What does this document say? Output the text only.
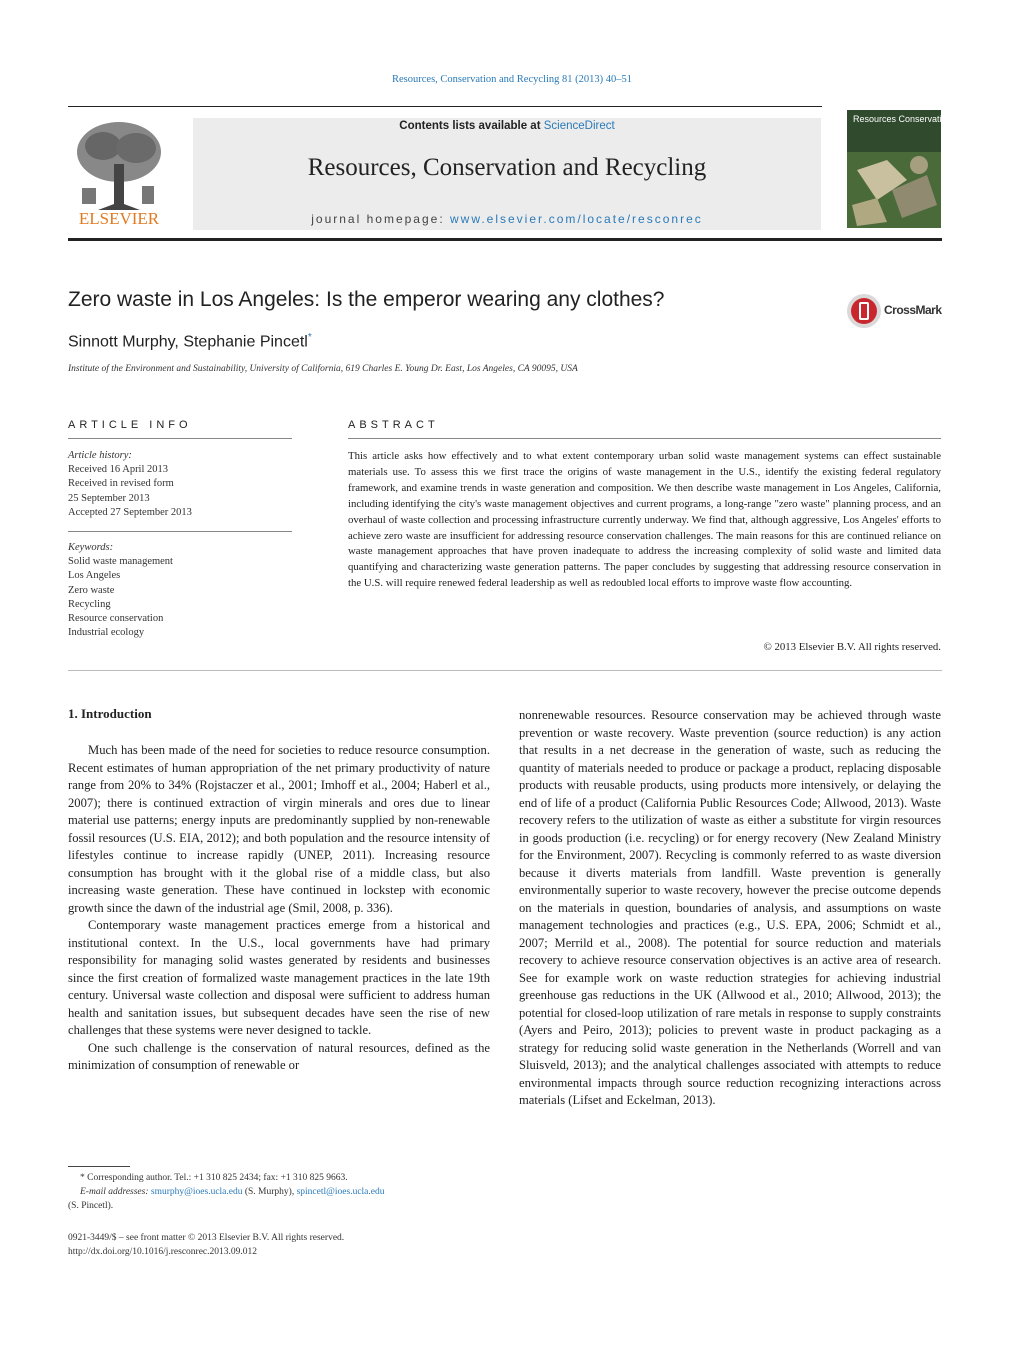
Resources, Conservation and Recycling 81 (2013) 40–51
ELSEVIER
Contents lists available at ScienceDirect
Resources, Conservation and Recycling
journal homepage: www.elsevier.com/locate/resconrec
Resources Conservation & Recycling
Zero waste in Los Angeles: Is the emperor wearing any clothes?	CrossMark
Sinnott Murphy, Stephanie Pincetl*
Institute of the Environment and Sustainability, University of California, 619 Charles E. Young Dr. East, Los Angeles, CA 90095, USA
ARTICLE INFO
Article history:
Received 16 April 2013
Received in revised form
25 September 2013
Accepted 27 September 2013
Keywords:
Solid waste management
Los Angeles
Zero waste
Recycling
Resource conservation
Industrial ecology
ABSTRACT
This article asks how effectively and to what extent contemporary urban solid waste management systems can effect sustainable materials use. To assess this we first trace the origins of waste management in the U.S., identify the existing federal regulatory framework, and examine trends in waste generation and composition. We then describe waste management in Los Angeles, California, including identifying the city's waste management objectives and current programs, a long-range "zero waste" planning process, and an overhaul of waste collection and processing infrastructure currently underway. We find that, although aggressive, Los Angeles' efforts to achieve zero waste are insufficient for addressing resource conservation challenges. The main reasons for this are continued reliance on waste management approaches that have proven inadequate to address the increasing complexity of solid waste and limited data quantifying and characterizing waste generation patterns. The paper concludes by suggesting that addressing resource conservation in the U.S. will require renewed federal leadership as well as redoubled local efforts to improve waste flow accounting.
© 2013 Elsevier B.V. All rights reserved.
1. Introduction

Much has been made of the need for societies to reduce resource consumption. Recent estimates of human appropriation of the net primary productivity of nature range from 20% to 34% (Rojstaczer et al., 2001; Imhoff et al., 2004; Haberl et al., 2007); there is continued extraction of virgin minerals and ores due to linear material use patterns; energy inputs are predominantly supplied by non-renewable fossil resources (U.S. EIA, 2012); and both population and the resource intensity of lifestyles continue to increase rapidly (UNEP, 2011). Increasing resource consumption has brought with it the global rise of a middle class, but also increasing waste generation. These have continued in lockstep with economic growth since the dawn of the industrial age (Smil, 2008, p. 336).

Contemporary waste management practices emerge from a historical and institutional context. In the U.S., local governments have had primary responsibility for managing solid wastes generated by residents and businesses since the first creation of formalized waste management practices in the late 19th century. Universal waste collection and disposal were sufficient to address human health and sanitation issues, but subsequent decades have seen the rise of new challenges that these systems were never designed to tackle.

One such challenge is the conservation of natural resources, defined as the minimization of consumption of renewable or

nonrenewable resources. Resource conservation may be achieved through waste prevention or waste recovery. Waste prevention (source reduction) is any action that results in a net decrease in the generation of waste, such as reducing the quantity of materials needed to produce or package a product, replacing disposable products with reusable products, using products more intensively, or delaying the end of life of a product (California Public Resources Code; Allwood, 2013). Waste recovery refers to the utilization of waste as either a substitute for virgin resources in goods production (i.e. recycling) or for energy recovery (New Zealand Ministry for the Environment, 2007). Recycling is commonly referred to as waste diversion because it diverts materials from landfill. Waste prevention is generally environmentally superior to waste recovery, however the precise outcome depends on the materials in question, boundaries of analysis, and assumptions on waste management technologies and practices (e.g., U.S. EPA, 2006; Schmidt et al., 2007; Merrild et al., 2008). The potential for source reduction and materials recovery to achieve resource conservation objectives is an active area of research. See for example work on waste reduction strategies for achieving industrial greenhouse gas reductions in the UK (Allwood et al., 2010; Allwood, 2013); the potential for closed-loop utilization of rare metals in response to supply constraints (Ayers and Peiro, 2013); policies to prevent waste in product packaging as a strategy for reducing solid waste generation in the Netherlands (Worrell and van Sluisveld, 2013); and the analytical challenges associated with attempts to reduce environmental impacts through source reduction recognizing interactions across materials (Lifset and Eckelman, 2013).

* Corresponding author. Tel.: +1 310 825 2434; fax: +1 310 825 9663.
E-mail addresses: smurphy@ioes.ucla.edu (S. Murphy), spincetl@ioes.ucla.edu
(S. Pincetl).
0921-3449/$ – see front matter © 2013 Elsevier B.V. All rights reserved.
http://dx.doi.org/10.1016/j.resconrec.2013.09.012
